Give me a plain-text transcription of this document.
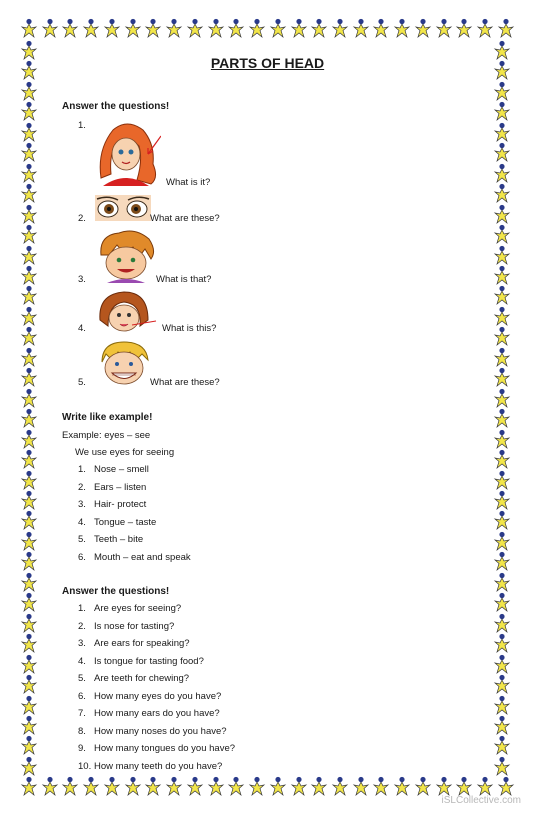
PARTS OF HEAD
Answer the questions!
1.
What is it?
2.	What are these?
3.	What is that?
4.	What is this?
5.	What are these?
Write like example!
Example: eyes – see
We use eyes for seeing
1. Nose – smell
2. Ears – listen
3. Hair- protect
4. Tongue – taste
5. Teeth – bite
6. Mouth – eat and speak
Answer the questions!
1. Are eyes for seeing?
2. Is nose for tasting?
3. Are ears for speaking?
4. Is tongue for tasting food?
5. Are teeth for chewing?
6. How many eyes do you have?
7. How many ears do you have?
8. How many noses do you have?
9. How many tongues do you have?
10. How many teeth do you have?
iSLCollective.com
